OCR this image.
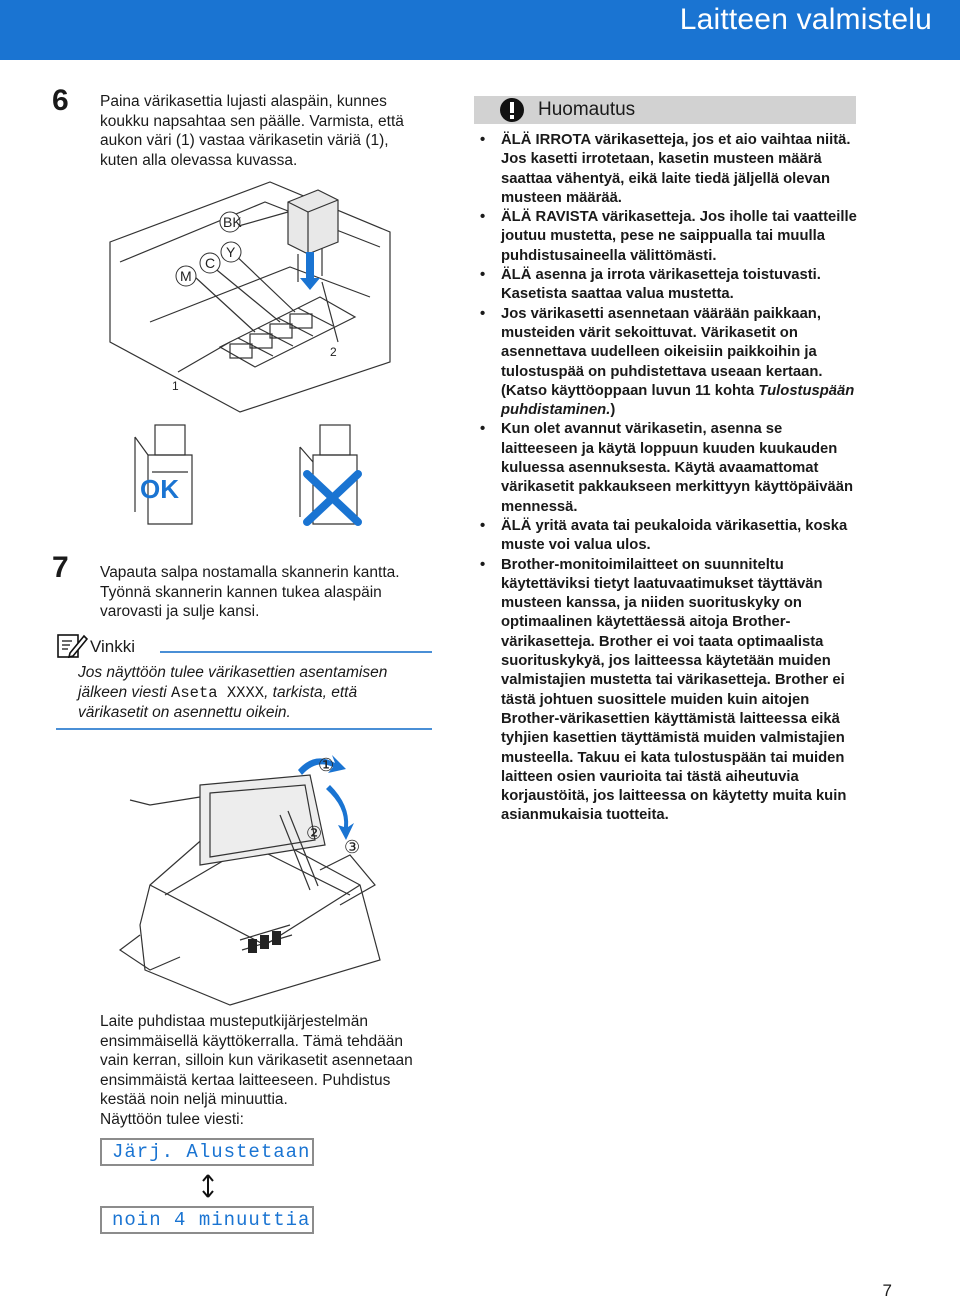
Laitteen valmistelu
6 Paina värikasettia lujasti alaspäin, kunnes koukku napsahtaa sen päälle. Varmista, että aukon väri (1) vastaa värikasetin väriä (1), kuten alla olevassa kuvassa.
BK
M
C
Y
1
2
OK
7 Vapauta salpa nostamalla skannerin kantta. Työnnä skannerin kannen tukea alaspäin varovasti ja sulje kansi.
Vinkki
Jos näyttöön tulee värikasettien asentamisen jälkeen viesti Aseta XXXX, tarkista, että värikasetit on asennettu oikein.
①
②
③

Laite puhdistaa musteputkijärjestelmän

ensimmäisellä käyttökerralla. Tämä tehdään

vain kerran, silloin kun värikasetit asennetaan

ensimmäistä kertaa laitteeseen. Puhdistus

kestää noin neljä minuuttia.

Näyttöön tulee viesti:

Järj. Alustetaan
noin 4 minuuttia
Huomautus
• ÄLÄ IRROTA värikasetteja, jos et aio vaihtaa niitä. Jos kasetti irrotetaan, kasetin musteen määrä saattaa vähentyä, eikä laite tiedä jäljellä olevan musteen määrää.
• ÄLÄ RAVISTA värikasetteja. Jos iholle tai vaatteille joutuu mustetta, pese ne saippualla tai muulla puhdistusaineella välittömästi.
• ÄLÄ asenna ja irrota värikasetteja toistuvasti. Kasetista saattaa valua mustetta.
• Jos värikasetti asennetaan väärään paikkaan, musteiden värit sekoittuvat. Värikasetit on asennettava uudelleen oikeisiin paikkoihin ja tulostuspää on puhdistettava useaan kertaan. (Katso käyttöoppaan luvun 11 kohta Tulostuspään puhdistaminen.)
• Kun olet avannut värikasetin, asenna se laitteeseen ja käytä loppuun kuuden kuukauden kuluessa asennuksesta. Käytä avaamattomat värikasetit pakkaukseen merkittyyn käyttöpäivään mennessä.
• ÄLÄ yritä avata tai peukaloida värikasettia, koska muste voi valua ulos.
• Brother-monitoimilaitteet on suunniteltu käytettäviksi tietyt laatuvaatimukset täyttävän musteen kanssa, ja niiden suorituskyky on optimaalinen käytettäessä aitoja Brother-värikasetteja. Brother ei voi taata optimaalista suorituskykyä, jos laitteessa käytetään muiden valmistajien mustetta tai värikasetteja. Brother ei tästä johtuen suosittele muiden kuin aitojen Brother-värikasettien käyttämistä laitteessa eikä tyhjien kasettien täyttämistä muiden valmistajien musteella. Takuu ei kata tulostuspään tai muiden laitteen osien vaurioita tai tästä aiheutuvia korjaustöitä, jos laitteessa on käytetty muita kuin asianmukaisia tuotteita.
7
